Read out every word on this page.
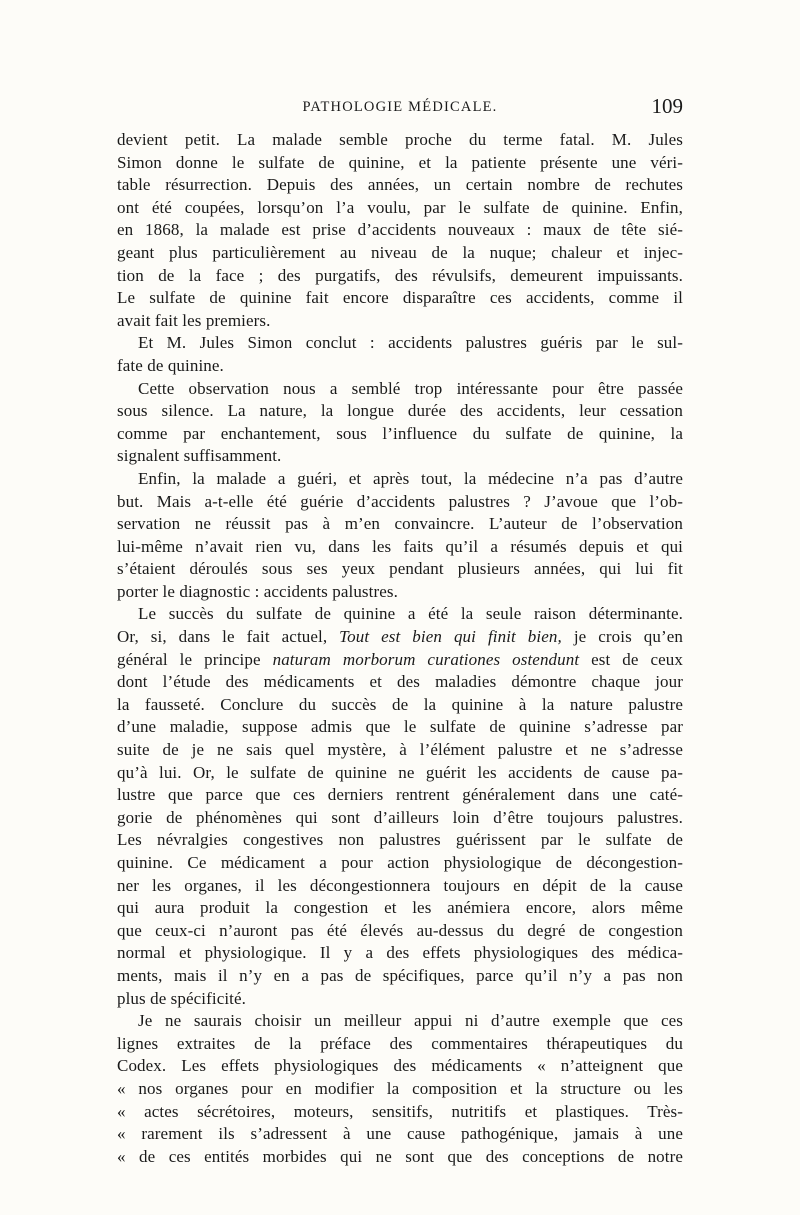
PATHOLOGIE MÉDICALE.	109
devient petit. La malade semble proche du terme fatal. M. Jules
Simon donne le sulfate de quinine, et la patiente présente une véri-
table résurrection. Depuis des années, un certain nombre de rechutes
ont été coupées, lorsqu’on l’a voulu, par le sulfate de quinine. Enfin,
en 1868, la malade est prise d’accidents nouveaux : maux de tête sié-
geant plus particulièrement au niveau de la nuque; chaleur et injec-
tion de la face ; des purgatifs, des révulsifs, demeurent impuissants.
Le sulfate de quinine fait encore disparaître ces accidents, comme il
avait fait les premiers.
Et M. Jules Simon conclut : accidents palustres guéris par le sul-
fate de quinine.
Cette observation nous a semblé trop intéressante pour être passée
sous silence. La nature, la longue durée des accidents, leur cessation
comme par enchantement, sous l’influence du sulfate de quinine, la
signalent suffisamment.
Enfin, la malade a guéri, et après tout, la médecine n’a pas d’autre
but. Mais a-t-elle été guérie d’accidents palustres ? J’avoue que l’ob-
servation ne réussit pas à m’en convaincre. L’auteur de l’observation
lui-même n’avait rien vu, dans les faits qu’il a résumés depuis et qui
s’étaient déroulés sous ses yeux pendant plusieurs années, qui lui fit
porter le diagnostic : accidents palustres.
Le succès du sulfate de quinine a été la seule raison déterminante.
Or, si, dans le fait actuel, Tout est bien qui finit bien, je crois qu’en
général le principe naturam morborum curationes ostendunt est de ceux
dont l’étude des médicaments et des maladies démontre chaque jour
la fausseté. Conclure du succès de la quinine à la nature palustre
d’une maladie, suppose admis que le sulfate de quinine s’adresse par
suite de je ne sais quel mystère, à l’élément palustre et ne s’adresse
qu’à lui. Or, le sulfate de quinine ne guérit les accidents de cause pa-
lustre que parce que ces derniers rentrent généralement dans une caté-
gorie de phénomènes qui sont d’ailleurs loin d’être toujours palustres.
Les névralgies congestives non palustres guérissent par le sulfate de
quinine. Ce médicament a pour action physiologique de décongestion-
ner les organes, il les décongestionnera toujours en dépit de la cause
qui aura produit la congestion et les anémiera encore, alors même
que ceux-ci n’auront pas été élevés au-dessus du degré de congestion
normal et physiologique. Il y a des effets physiologiques des médica-
ments, mais il n’y en a pas de spécifiques, parce qu’il n’y a pas non
plus de spécificité.
Je ne saurais choisir un meilleur appui ni d’autre exemple que ces
lignes extraites de la préface des commentaires thérapeutiques du
Codex. Les effets physiologiques des médicaments « n’atteignent que
« nos organes pour en modifier la composition et la structure ou les
« actes sécrétoires, moteurs, sensitifs, nutritifs et plastiques. Très-
« rarement ils s’adressent à une cause pathogénique, jamais à une
« de ces entités morbides qui ne sont que des conceptions de notre
